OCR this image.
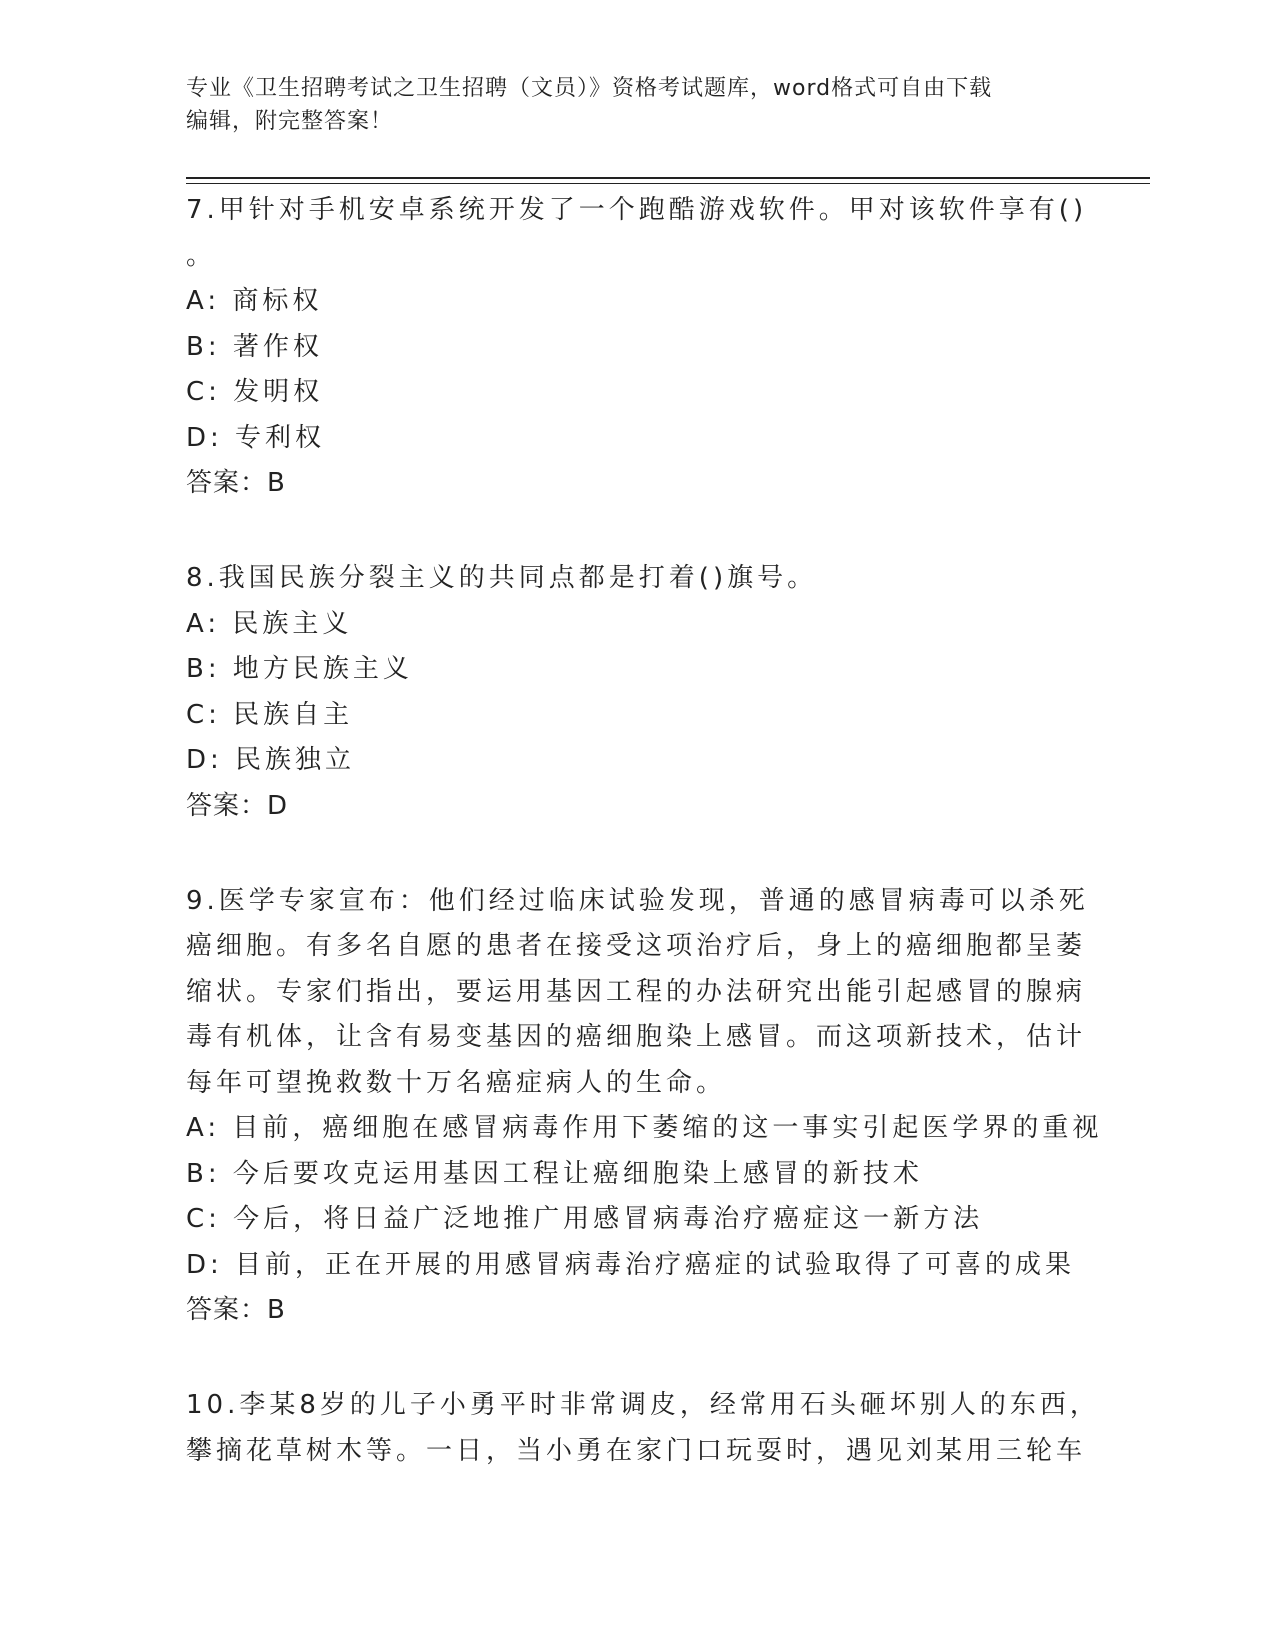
专业《卫生招聘考试之卫生招聘（文员）》资格考试题库，word格式可自由下载
编辑，附完整答案！
7.甲针对手机安卓系统开发了一个跑酷游戏软件。甲对该软件享有()
。
A: 商标权
B: 著作权
C: 发明权
D: 专利权
答案：B
8.我国民族分裂主义的共同点都是打着()旗号。
A: 民族主义
B: 地方民族主义
C: 民族自主
D: 民族独立
答案：D
9.医学专家宣布：他们经过临床试验发现，普通的感冒病毒可以杀死
癌细胞。有多名自愿的患者在接受这项治疗后，身上的癌细胞都呈萎
缩状。专家们指出，要运用基因工程的办法研究出能引起感冒的腺病
毒有机体，让含有易变基因的癌细胞染上感冒。而这项新技术，估计
每年可望挽救数十万名癌症病人的生命。
A: 目前，癌细胞在感冒病毒作用下萎缩的这一事实引起医学界的重视
B: 今后要攻克运用基因工程让癌细胞染上感冒的新技术
C: 今后，将日益广泛地推广用感冒病毒治疗癌症这一新方法
D: 目前，正在开展的用感冒病毒治疗癌症的试验取得了可喜的成果
答案：B
10.李某8岁的儿子小勇平时非常调皮，经常用石头砸坏别人的东西，
攀摘花草树木等。一日，当小勇在家门口玩耍时，遇见刘某用三轮车
